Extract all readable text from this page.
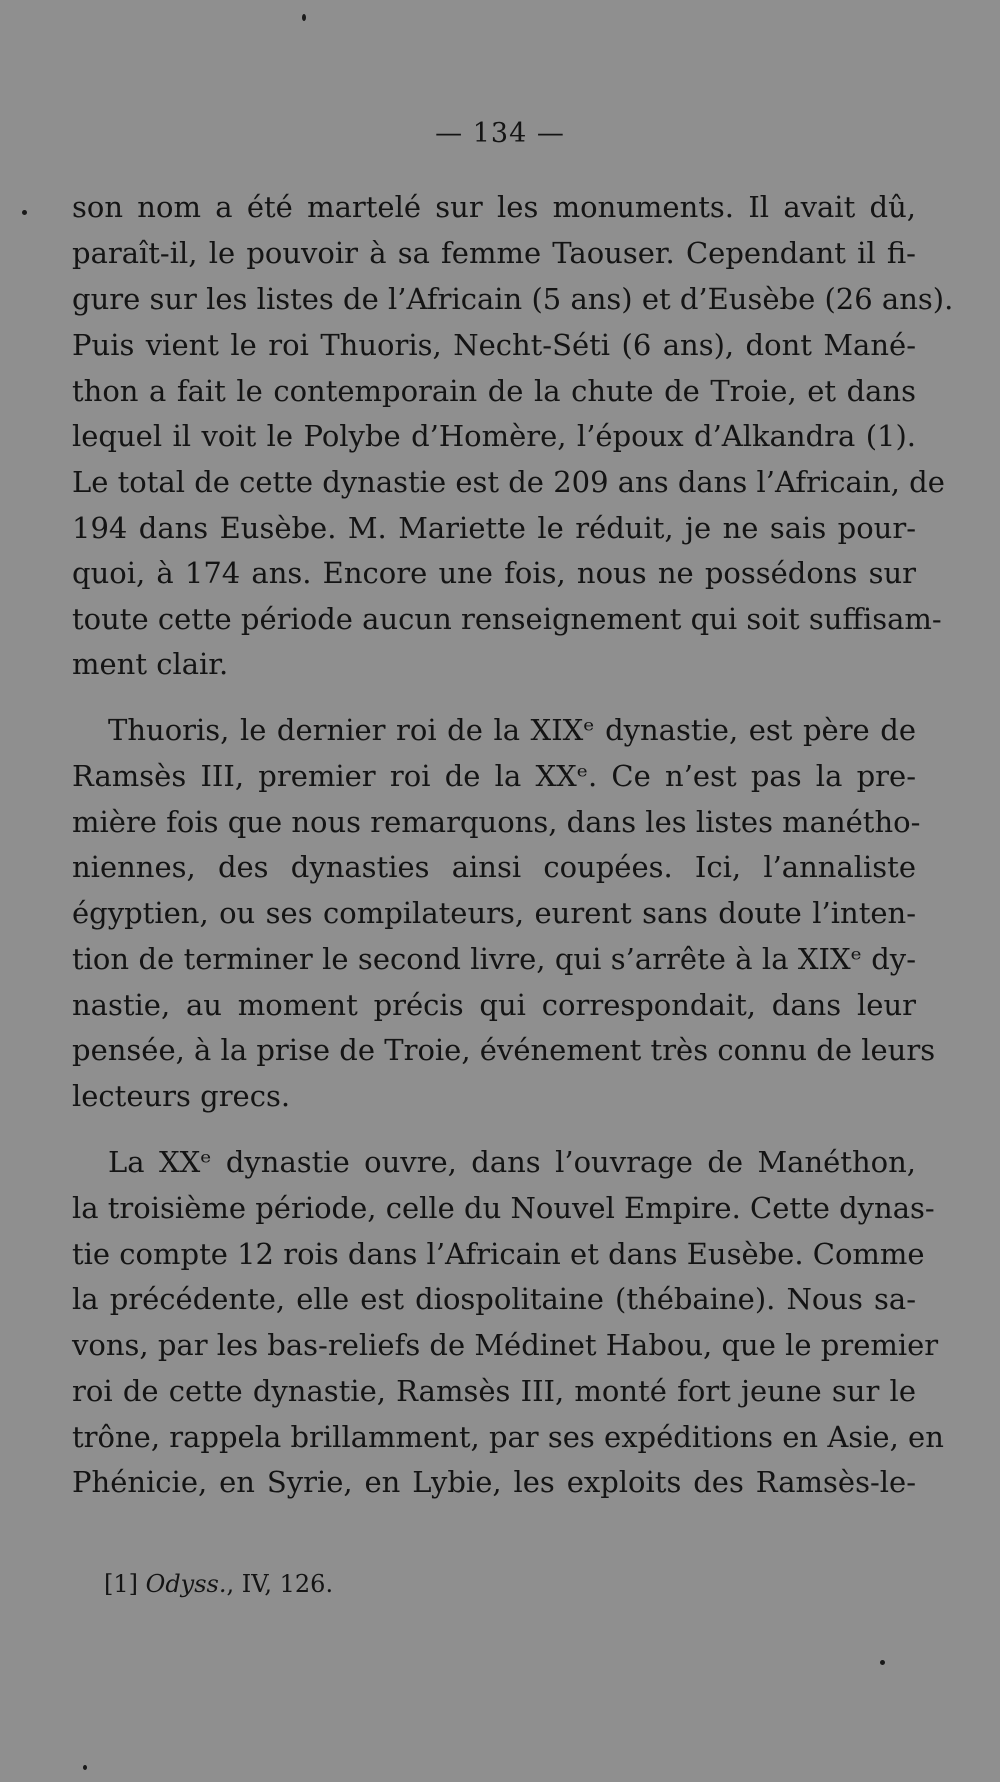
— 134 —
son nom a été martelé sur les monuments. Il avait dû,
paraît-il, le pouvoir à sa femme Taouser. Cependant il fi-
gure sur les listes de l’Africain (5 ans) et d’Eusèbe (26 ans).
Puis vient le roi Thuoris, Necht-Séti (6 ans), dont Mané-
thon a fait le contemporain de la chute de Troie, et dans
lequel il voit le Polybe d’Homère, l’époux d’Alkandra (1).
Le total de cette dynastie est de 209 ans dans l’Africain, de
194 dans Eusèbe. M. Mariette le réduit, je ne sais pour-
quoi, à 174 ans. Encore une fois, nous ne possédons sur
toute cette période aucun renseignement qui soit suffisam-
ment clair.
Thuoris, le dernier roi de la XIXᵉ dynastie, est père de
Ramsès III, premier roi de la XXᵉ. Ce n’est pas la pre-
mière fois que nous remarquons, dans les listes manétho-
niennes, des dynasties ainsi coupées. Ici, l’annaliste
égyptien, ou ses compilateurs, eurent sans doute l’inten-
tion de terminer le second livre, qui s’arrête à la XIXᵉ dy-
nastie, au moment précis qui correspondait, dans leur
pensée, à la prise de Troie, événement très connu de leurs
lecteurs grecs.
La XXᵉ dynastie ouvre, dans l’ouvrage de Manéthon,
la troisième période, celle du Nouvel Empire. Cette dynas-
tie compte 12 rois dans l’Africain et dans Eusèbe. Comme
la précédente, elle est diospolitaine (thébaine). Nous sa-
vons, par les bas-reliefs de Médinet Habou, que le premier
roi de cette dynastie, Ramsès III, monté fort jeune sur le
trône, rappela brillamment, par ses expéditions en Asie, en
Phénicie, en Syrie, en Lybie, les exploits des Ramsès-le-
[1] Odyss., IV, 126.
